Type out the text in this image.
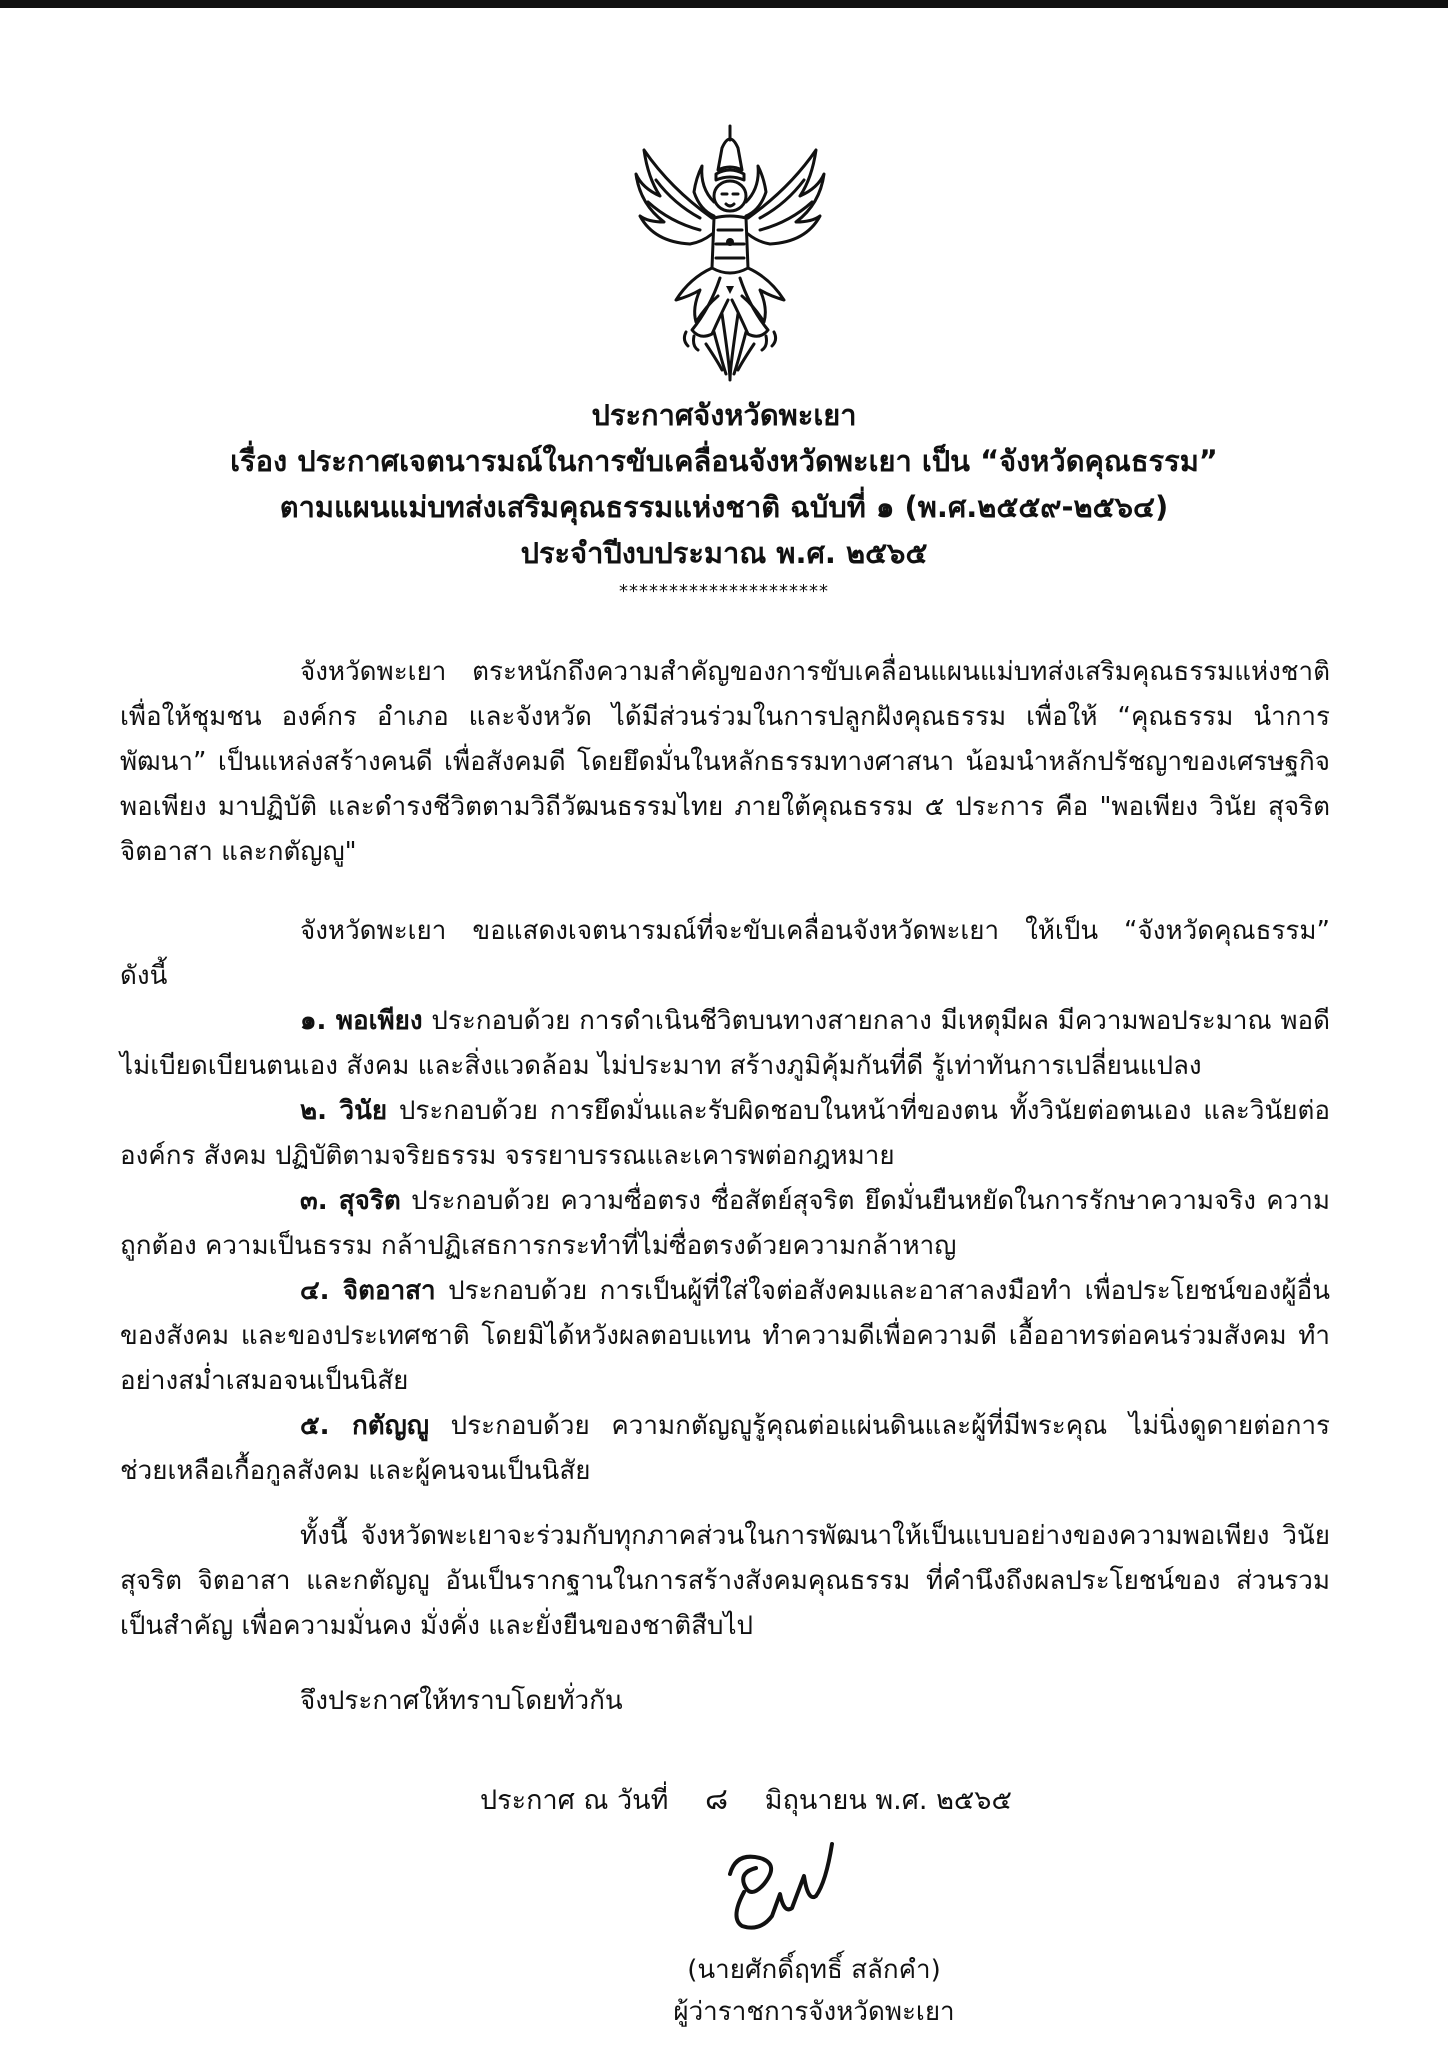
ประกาศจังหวัดพะเยา

เรื่อง ประกาศเจตนารมณ์ในการขับเคลื่อนจังหวัดพะเยา เป็น “จังหวัดคุณธรรม”

ตามแผนแม่บทส่งเสริมคุณธรรมแห่งชาติ ฉบับที่ ๑ (พ.ศ.๒๕๕๙-๒๕๖๔)

ประจำปีงบประมาณ พ.ศ. ๒๕๖๕

*********************

จังหวัดพะเยา ตระหนักถึงความสำคัญของการขับเคลื่อนแผนแม่บทส่งเสริมคุณธรรมแห่งชาติ เพื่อให้ชุมชน องค์กร อำเภอ และจังหวัด ได้มีส่วนร่วมในการปลูกฝังคุณธรรม เพื่อให้ “คุณธรรม นำการพัฒนา” เป็นแหล่งสร้างคนดี เพื่อสังคมดี โดยยึดมั่นในหลักธรรมทางศาสนา น้อมนำหลักปรัชญาของเศรษฐกิจพอเพียง มาปฏิบัติ และดำรงชีวิตตามวิถีวัฒนธรรมไทย ภายใต้คุณธรรม ๕ ประการ คือ "พอเพียง วินัย สุจริต จิตอาสา และกตัญญู"

จังหวัดพะเยา ขอแสดงเจตนารมณ์ที่จะขับเคลื่อนจังหวัดพะเยา ให้เป็น “จังหวัดคุณธรรม” ดังนี้

๑. พอเพียง ประกอบด้วย การดำเนินชีวิตบนทางสายกลาง มีเหตุมีผล มีความพอประมาณ พอดี ไม่เบียดเบียนตนเอง สังคม และสิ่งแวดล้อม ไม่ประมาท สร้างภูมิคุ้มกันที่ดี รู้เท่าทันการเปลี่ยนแปลง

๒. วินัย ประกอบด้วย การยึดมั่นและรับผิดชอบในหน้าที่ของตน ทั้งวินัยต่อตนเอง และวินัยต่อ องค์กร สังคม ปฏิบัติตามจริยธรรม จรรยาบรรณและเคารพต่อกฎหมาย

๓. สุจริต ประกอบด้วย ความซื่อตรง ซื่อสัตย์สุจริต ยึดมั่นยืนหยัดในการรักษาความจริง ความถูกต้อง ความเป็นธรรม กล้าปฏิเสธการกระทำที่ไม่ซื่อตรงด้วยความกล้าหาญ

๔. จิตอาสา ประกอบด้วย การเป็นผู้ที่ใส่ใจต่อสังคมและอาสาลงมือทำ เพื่อประโยชน์ของผู้อื่น ของสังคม และของประเทศชาติ โดยมิได้หวังผลตอบแทน ทำความดีเพื่อความดี เอื้ออาทรต่อคนร่วมสังคม ทำอย่างสม่ำเสมอจนเป็นนิสัย

๕. กตัญญู ประกอบด้วย ความกตัญญูรู้คุณต่อแผ่นดินและผู้ที่มีพระคุณ ไม่นิ่งดูดายต่อการ ช่วยเหลือเกื้อกูลสังคม และผู้คนจนเป็นนิสัย

ทั้งนี้ จังหวัดพะเยาจะร่วมกับทุกภาคส่วนในการพัฒนาให้เป็นแบบอย่างของความพอเพียง วินัย สุจริต จิตอาสา และกตัญญู อันเป็นรากฐานในการสร้างสังคมคุณธรรม ที่คำนึงถึงผลประโยชน์ของ ส่วนรวมเป็นสำคัญ เพื่อความมั่นคง มั่งคั่ง และยั่งยืนของชาติสืบไป

จึงประกาศให้ทราบโดยทั่วกัน

ประกาศ ณ วันที่ ๘ มิถุนายน พ.ศ. ๒๕๖๕
(นายศักดิ์ฤทธิ์ สลักคำ)
ผู้ว่าราชการจังหวัดพะเยา
